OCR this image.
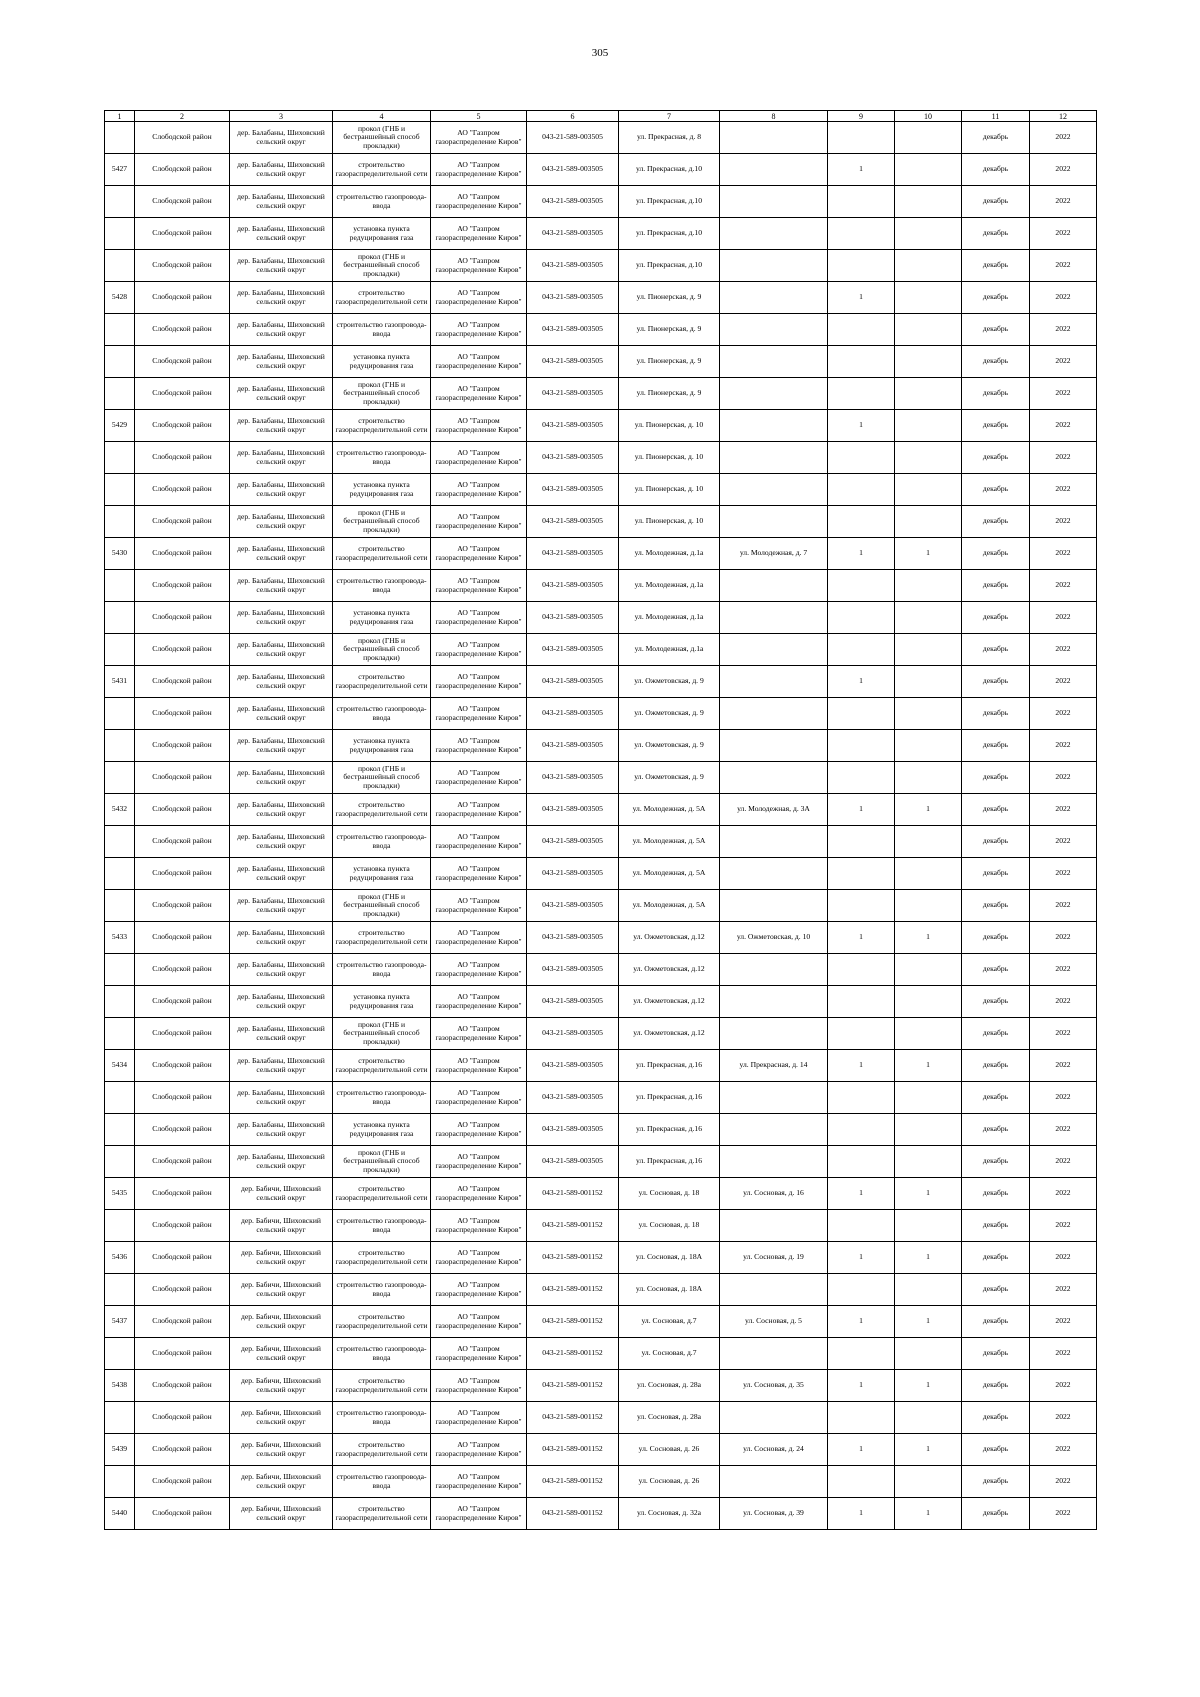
305
1	2	3	4	5	6	7	8	9	10	11	12

	Слободской район	дер. Балабаны, Шиховский сельский округ	прокол (ГНБ и бестраншейный способ прокладки)	АО "Газпром газораспределение Киров"	043-21-589-003505	ул. Прекрасная, д. 8				декабрь	2022

5427	Слободской район	дер. Балабаны, Шиховский сельский округ	строительство газораспределительной сети	АО "Газпром газораспределение Киров"	043-21-589-003505	ул. Прекрасная, д.10		1		декабрь	2022

	Слободской район	дер. Балабаны, Шиховский сельский округ	строительство газопровода-ввода	АО "Газпром газораспределение Киров"	043-21-589-003505	ул. Прекрасная, д.10				декабрь	2022

	Слободской район	дер. Балабаны, Шиховский сельский округ	установка пункта редуцирования газа	АО "Газпром газораспределение Киров"	043-21-589-003505	ул. Прекрасная, д.10				декабрь	2022

	Слободской район	дер. Балабаны, Шиховский сельский округ	прокол (ГНБ и бестраншейный способ прокладки)	АО "Газпром газораспределение Киров"	043-21-589-003505	ул. Прекрасная, д.10				декабрь	2022

5428	Слободской район	дер. Балабаны, Шиховский сельский округ	строительство газораспределительной сети	АО "Газпром газораспределение Киров"	043-21-589-003505	ул. Пионерская, д. 9		1		декабрь	2022

	Слободской район	дер. Балабаны, Шиховский сельский округ	строительство газопровода-ввода	АО "Газпром газораспределение Киров"	043-21-589-003505	ул. Пионерская, д. 9				декабрь	2022

	Слободской район	дер. Балабаны, Шиховский сельский округ	установка пункта редуцирования газа	АО "Газпром газораспределение Киров"	043-21-589-003505	ул. Пионерская, д. 9				декабрь	2022

	Слободской район	дер. Балабаны, Шиховский сельский округ	прокол (ГНБ и бестраншейный способ прокладки)	АО "Газпром газораспределение Киров"	043-21-589-003505	ул. Пионерская, д. 9				декабрь	2022

5429	Слободской район	дер. Балабаны, Шиховский сельский округ	строительство газораспределительной сети	АО "Газпром газораспределение Киров"	043-21-589-003505	ул. Пионерская, д. 10		1		декабрь	2022

	Слободской район	дер. Балабаны, Шиховский сельский округ	строительство газопровода-ввода	АО "Газпром газораспределение Киров"	043-21-589-003505	ул. Пионерская, д. 10				декабрь	2022

	Слободской район	дер. Балабаны, Шиховский сельский округ	установка пункта редуцирования газа	АО "Газпром газораспределение Киров"	043-21-589-003505	ул. Пионерская, д. 10				декабрь	2022

	Слободской район	дер. Балабаны, Шиховский сельский округ	прокол (ГНБ и бестраншейный способ прокладки)	АО "Газпром газораспределение Киров"	043-21-589-003505	ул. Пионерская, д. 10				декабрь	2022

5430	Слободской район	дер. Балабаны, Шиховский сельский округ	строительство газораспределительной сети	АО "Газпром газораспределение Киров"	043-21-589-003505	ул. Молодежная, д.1а	ул. Молодежная, д. 7	1	1	декабрь	2022

	Слободской район	дер. Балабаны, Шиховский сельский округ	строительство газопровода-ввода	АО "Газпром газораспределение Киров"	043-21-589-003505	ул. Молодежная, д.1а				декабрь	2022

	Слободской район	дер. Балабаны, Шиховский сельский округ	установка пункта редуцирования газа	АО "Газпром газораспределение Киров"	043-21-589-003505	ул. Молодежная, д.1а				декабрь	2022

	Слободской район	дер. Балабаны, Шиховский сельский округ	прокол (ГНБ и бестраншейный способ прокладки)	АО "Газпром газораспределение Киров"	043-21-589-003505	ул. Молодежная, д.1а				декабрь	2022

5431	Слободской район	дер. Балабаны, Шиховский сельский округ	строительство газораспределительной сети	АО "Газпром газораспределение Киров"	043-21-589-003505	ул. Ожметовская, д. 9		1		декабрь	2022

	Слободской район	дер. Балабаны, Шиховский сельский округ	строительство газопровода-ввода	АО "Газпром газораспределение Киров"	043-21-589-003505	ул. Ожметовская, д. 9				декабрь	2022

	Слободской район	дер. Балабаны, Шиховский сельский округ	установка пункта редуцирования газа	АО "Газпром газораспределение Киров"	043-21-589-003505	ул. Ожметовская, д. 9				декабрь	2022

	Слободской район	дер. Балабаны, Шиховский сельский округ	прокол (ГНБ и бестраншейный способ прокладки)	АО "Газпром газораспределение Киров"	043-21-589-003505	ул. Ожметовская, д. 9				декабрь	2022

5432	Слободской район	дер. Балабаны, Шиховский сельский округ	строительство газораспределительной сети	АО "Газпром газораспределение Киров"	043-21-589-003505	ул. Молодежная, д. 5А	ул. Молодежная, д. 3А	1	1	декабрь	2022

	Слободской район	дер. Балабаны, Шиховский сельский округ	строительство газопровода-ввода	АО "Газпром газораспределение Киров"	043-21-589-003505	ул. Молодежная, д. 5А				декабрь	2022

	Слободской район	дер. Балабаны, Шиховский сельский округ	установка пункта редуцирования газа	АО "Газпром газораспределение Киров"	043-21-589-003505	ул. Молодежная, д. 5А				декабрь	2022

	Слободской район	дер. Балабаны, Шиховский сельский округ	прокол (ГНБ и бестраншейный способ прокладки)	АО "Газпром газораспределение Киров"	043-21-589-003505	ул. Молодежная, д. 5А				декабрь	2022

5433	Слободской район	дер. Балабаны, Шиховский сельский округ	строительство газораспределительной сети	АО "Газпром газораспределение Киров"	043-21-589-003505	ул. Ожметовская, д.12	ул. Ожметовская, д. 10	1	1	декабрь	2022

	Слободской район	дер. Балабаны, Шиховский сельский округ	строительство газопровода-ввода	АО "Газпром газораспределение Киров"	043-21-589-003505	ул. Ожметовская, д.12				декабрь	2022

	Слободской район	дер. Балабаны, Шиховский сельский округ	установка пункта редуцирования газа	АО "Газпром газораспределение Киров"	043-21-589-003505	ул. Ожметовская, д.12				декабрь	2022

	Слободской район	дер. Балабаны, Шиховский сельский округ	прокол (ГНБ и бестраншейный способ прокладки)	АО "Газпром газораспределение Киров"	043-21-589-003505	ул. Ожметовская, д.12				декабрь	2022

5434	Слободской район	дер. Балабаны, Шиховский сельский округ	строительство газораспределительной сети	АО "Газпром газораспределение Киров"	043-21-589-003505	ул. Прекрасная, д.16	ул. Прекрасная, д. 14	1	1	декабрь	2022

	Слободской район	дер. Балабаны, Шиховский сельский округ	строительство газопровода-ввода	АО "Газпром газораспределение Киров"	043-21-589-003505	ул. Прекрасная, д.16				декабрь	2022

	Слободской район	дер. Балабаны, Шиховский сельский округ	установка пункта редуцирования газа	АО "Газпром газораспределение Киров"	043-21-589-003505	ул. Прекрасная, д.16				декабрь	2022

	Слободской район	дер. Балабаны, Шиховский сельский округ	прокол (ГНБ и бестраншейный способ прокладки)	АО "Газпром газораспределение Киров"	043-21-589-003505	ул. Прекрасная, д.16				декабрь	2022

5435	Слободской район	дер. Бабичи, Шиховский сельский округ	строительство газораспределительной сети	АО "Газпром газораспределение Киров"	043-21-589-001152	ул. Сосновая, д. 18	ул. Сосновая, д. 16	1	1	декабрь	2022

	Слободской район	дер. Бабичи, Шиховский сельский округ	строительство газопровода-ввода	АО "Газпром газораспределение Киров"	043-21-589-001152	ул. Сосновая, д. 18				декабрь	2022

5436	Слободской район	дер. Бабичи, Шиховский сельский округ	строительство газораспределительной сети	АО "Газпром газораспределение Киров"	043-21-589-001152	ул. Сосновая, д. 18А	ул. Сосновая, д. 19	1	1	декабрь	2022

	Слободской район	дер. Бабичи, Шиховский сельский округ	строительство газопровода-ввода	АО "Газпром газораспределение Киров"	043-21-589-001152	ул. Сосновая, д. 18А				декабрь	2022

5437	Слободской район	дер. Бабичи, Шиховский сельский округ	строительство газораспределительной сети	АО "Газпром газораспределение Киров"	043-21-589-001152	ул. Сосновая, д.7	ул. Сосновая, д. 5	1	1	декабрь	2022

	Слободской район	дер. Бабичи, Шиховский сельский округ	строительство газопровода-ввода	АО "Газпром газораспределение Киров"	043-21-589-001152	ул. Сосновая, д.7				декабрь	2022

5438	Слободской район	дер. Бабичи, Шиховский сельский округ	строительство газораспределительной сети	АО "Газпром газораспределение Киров"	043-21-589-001152	ул. Сосновая, д. 28а	ул. Сосновая, д. 35	1	1	декабрь	2022

	Слободской район	дер. Бабичи, Шиховский сельский округ	строительство газопровода-ввода	АО "Газпром газораспределение Киров"	043-21-589-001152	ул. Сосновая, д. 28а				декабрь	2022

5439	Слободской район	дер. Бабичи, Шиховский сельский округ	строительство газораспределительной сети	АО "Газпром газораспределение Киров"	043-21-589-001152	ул. Сосновая, д. 26	ул. Сосновая, д. 24	1	1	декабрь	2022

	Слободской район	дер. Бабичи, Шиховский сельский округ	строительство газопровода-ввода	АО "Газпром газораспределение Киров"	043-21-589-001152	ул. Сосновая, д. 26				декабрь	2022

5440	Слободской район	дер. Бабичи, Шиховский сельский округ	строительство газораспределительной сети	АО "Газпром газораспределение Киров"	043-21-589-001152	ул. Сосновая, д. 32а	ул. Сосновая, д. 39	1	1	декабрь	2022
